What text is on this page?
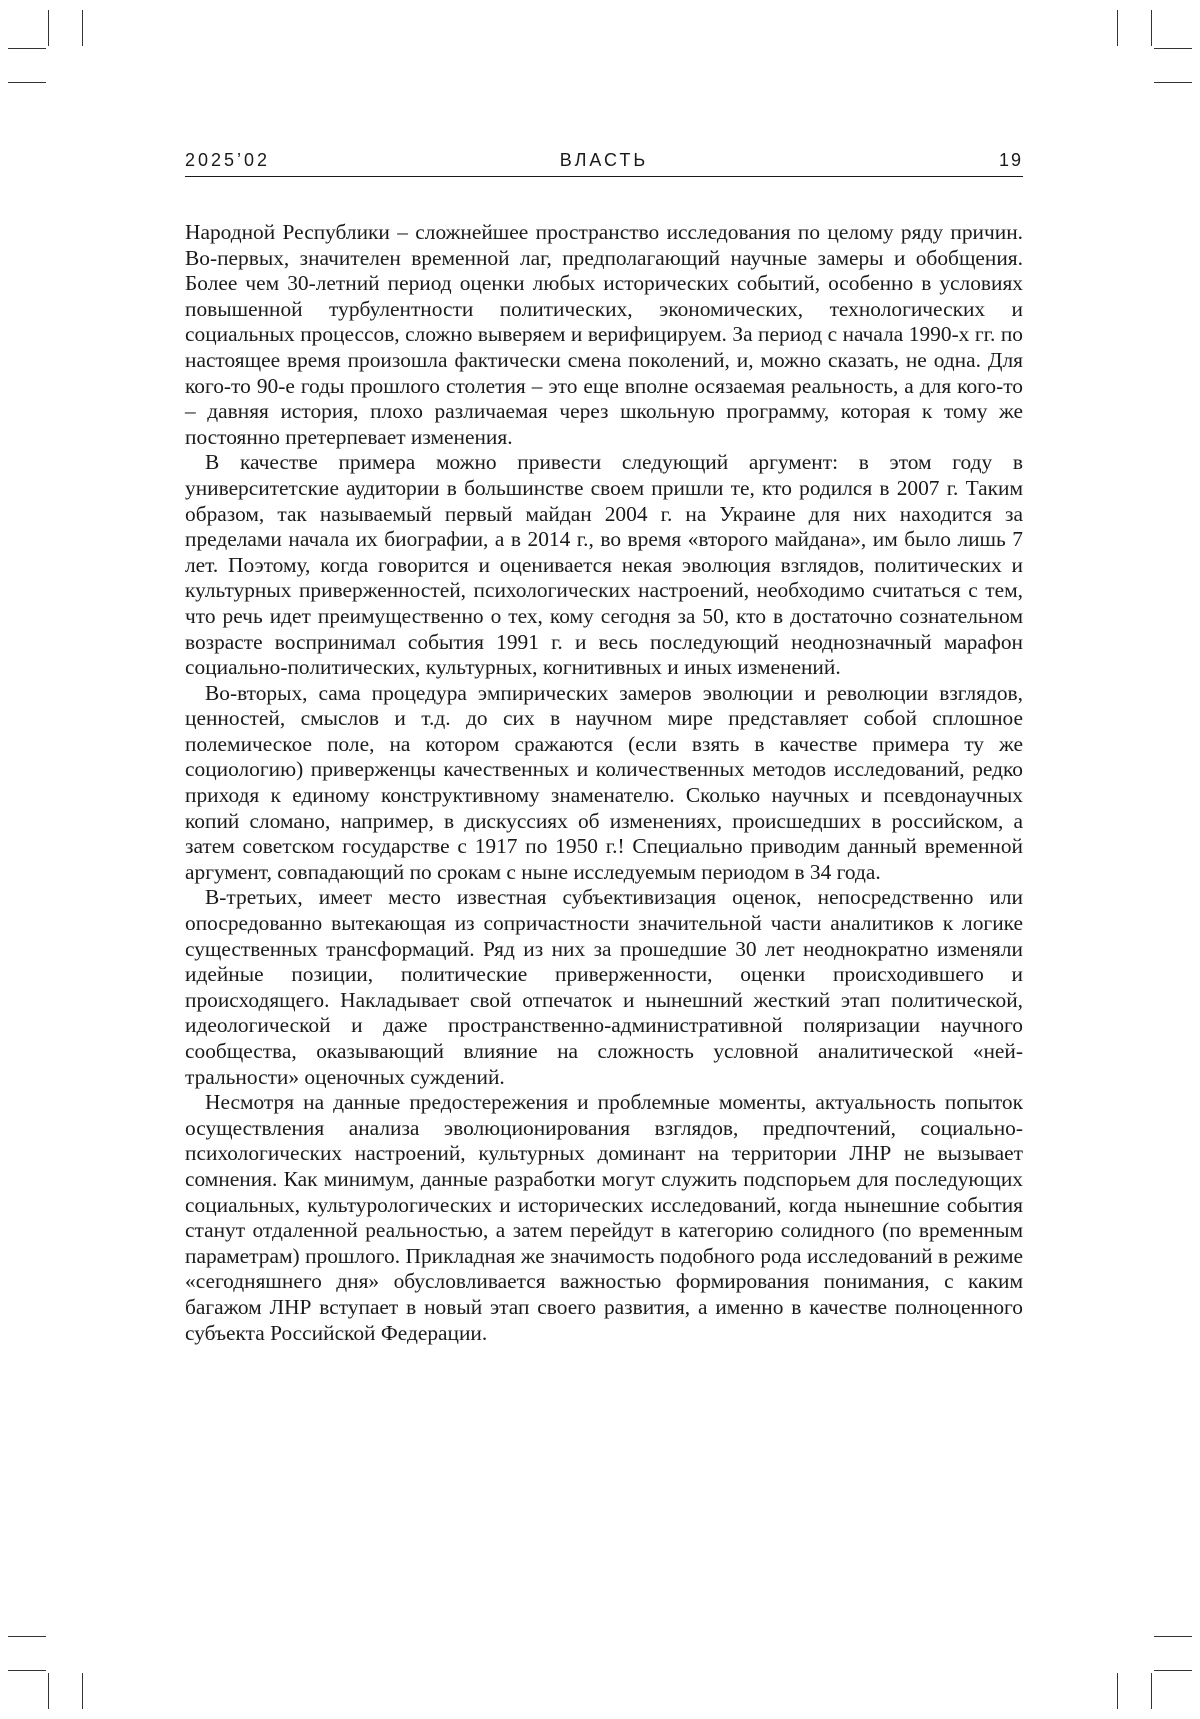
2025’02	ВЛАСТЬ	19

Народной Республики – сложнейшее пространство исследования по целому ряду причин. Во-первых, значителен временной лаг, предполагающий научные замеры и обобщения. Более чем 30-летний период оценки любых исторических событий, особенно в условиях повышенной турбулентности политических, экономических, технологических и социальных процессов, сложно выверяем и верифицируем. За период с начала 1990-х гг. по настоящее время произошла фактически смена поколений, и, можно сказать, не одна. Для кого-то 90-е годы прошлого столетия – это еще вполне осязаемая реаль­ность, а для кого-то – давняя история, плохо различаемая через школьную программу, которая к тому же постоянно претерпевает изменения.

В качестве примера можно привести следующий аргумент: в этом году в университетские аудитории в большинстве своем пришли те, кто родился в 2007 г. Таким образом, так называемый первый майдан 2004 г. на Украине для них находится за пределами начала их биографии, а в 2014 г., во время «вто­рого майдана», им было лишь 7 лет. Поэтому, когда говорится и оценивается некая эволюция взглядов, политических и культурных приверженностей, психологических настроений, необходимо считаться с тем, что речь идет преимущественно о тех, кому сегодня за 50, кто в достаточно сознательном возрасте воспринимал события 1991 г. и весь последующий неоднозначный марафон социально-политических, культурных, когнитивных и иных изме­нений.

Во-вторых, сама процедура эмпирических замеров эволюции и революции взглядов, ценностей, смыслов и т.д. до сих в научном мире представляет собой сплошное полемическое поле, на котором сражаются (если взять в качестве примера ту же социологию) приверженцы качественных и количественных методов исследований, редко приходя к единому конструктивному знамена­телю. Сколько научных и псевдонаучных копий сломано, например, в дис­куссиях об изменениях, происшедших в российском, а затем советском госу­дарстве с 1917 по 1950 г.! Специально приводим данный временной аргумент, совпадающий по срокам с ныне исследуемым периодом в 34 года.

В-третьих, имеет место известная субъективизация оценок, непосред­ственно или опосредованно вытекающая из сопричастности значительной части аналитиков к логике существенных трансформаций. Ряд из них за про­шедшие 30 лет неоднократно изменяли идейные позиции, политические приверженности, оценки происходившего и происходящего. Накладывает свой отпечаток и нынешний жесткий этап политической, идеологической и даже пространственно-административной поляризации научного сообще­ства, оказывающий влияние на сложность условной аналитической «ней­тральности» оценочных суждений.

Несмотря на данные предостережения и проблемные моменты, актуаль­ность попыток осуществления анализа эволюционирования взглядов, пред­почтений, социально-психологических настроений, культурных доминант на территории ЛНР не вызывает сомнения. Как минимум, данные разра­ботки могут служить подспорьем для последующих социальных, культуро­логических и исторических исследований, когда нынешние события станут отдаленной реальностью, а затем перейдут в категорию солидного (по вре­менным параметрам) прошлого. Прикладная же значимость подобного рода исследований в режиме «сегодняшнего дня» обусловливается важностью формирования понимания, с каким багажом ЛНР вступает в новый этап своего развития, а именно в качестве полноценного субъекта Российской Федерации.
